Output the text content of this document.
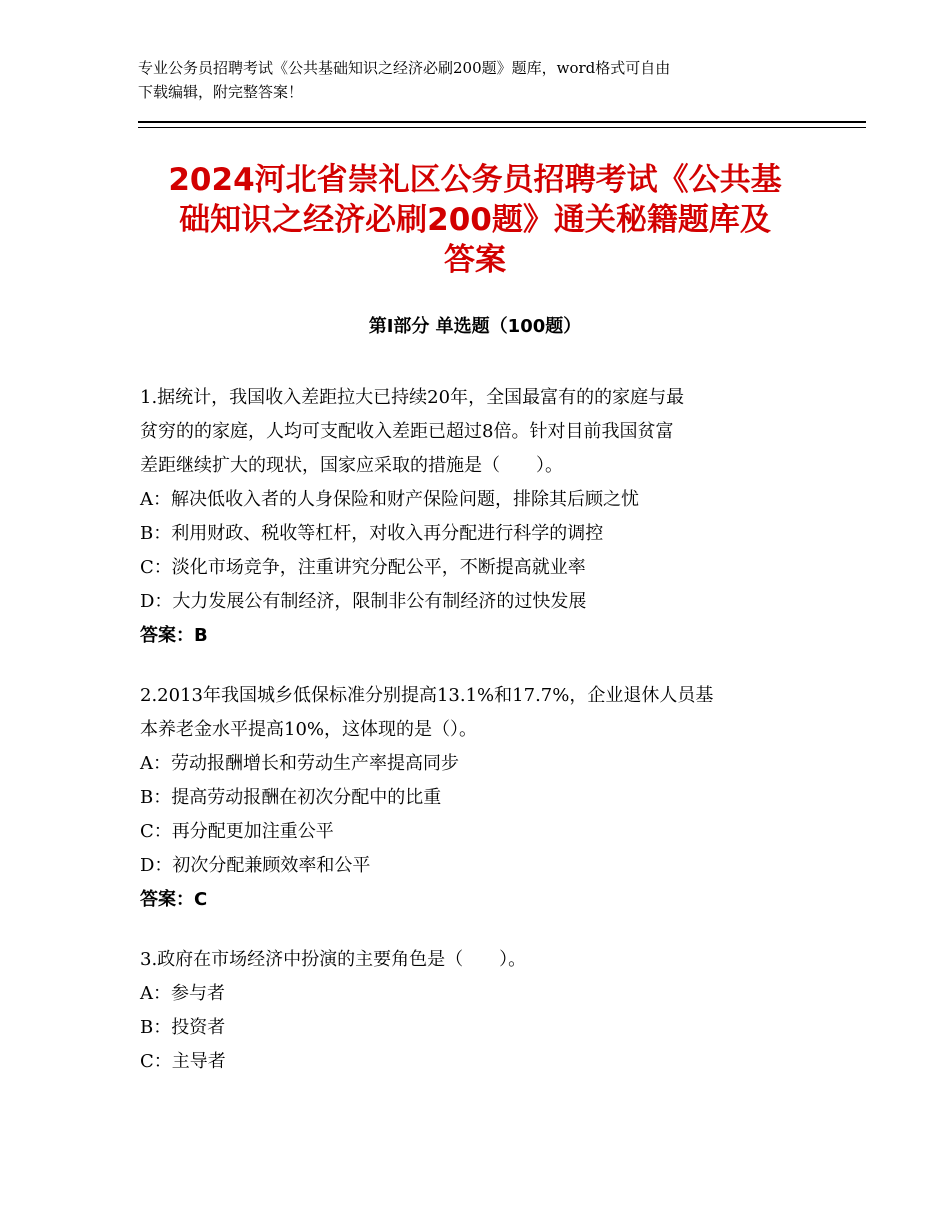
专业公务员招聘考试《公共基础知识之经济必刷200题》题库，word格式可自由
下载编辑，附完整答案！
2024河北省崇礼区公务员招聘考试《公共基
础知识之经济必刷200题》通关秘籍题库及
答案
第Ⅰ部分 单选题（100题）
1.据统计，我国收入差距拉大已持续20年，全国最富有的的家庭与最
贫穷的的家庭，人均可支配收入差距已超过8倍。针对目前我国贫富
差距继续扩大的现状，国家应采取的措施是（　　）。
A：解决低收入者的人身保险和财产保险问题，排除其后顾之忧
B：利用财政、税收等杠杆，对收入再分配进行科学的调控
C：淡化市场竞争，注重讲究分配公平，不断提高就业率
D：大力发展公有制经济，限制非公有制经济的过快发展
答案：B
2.2013年我国城乡低保标准分别提高13.1%和17.7%，企业退休人员基
本养老金水平提高10%，这体现的是（）。
A：劳动报酬增长和劳动生产率提高同步
B：提高劳动报酬在初次分配中的比重
C：再分配更加注重公平
D：初次分配兼顾效率和公平
答案：C
3.政府在市场经济中扮演的主要角色是（　　）。
A：参与者
B：投资者
C：主导者
